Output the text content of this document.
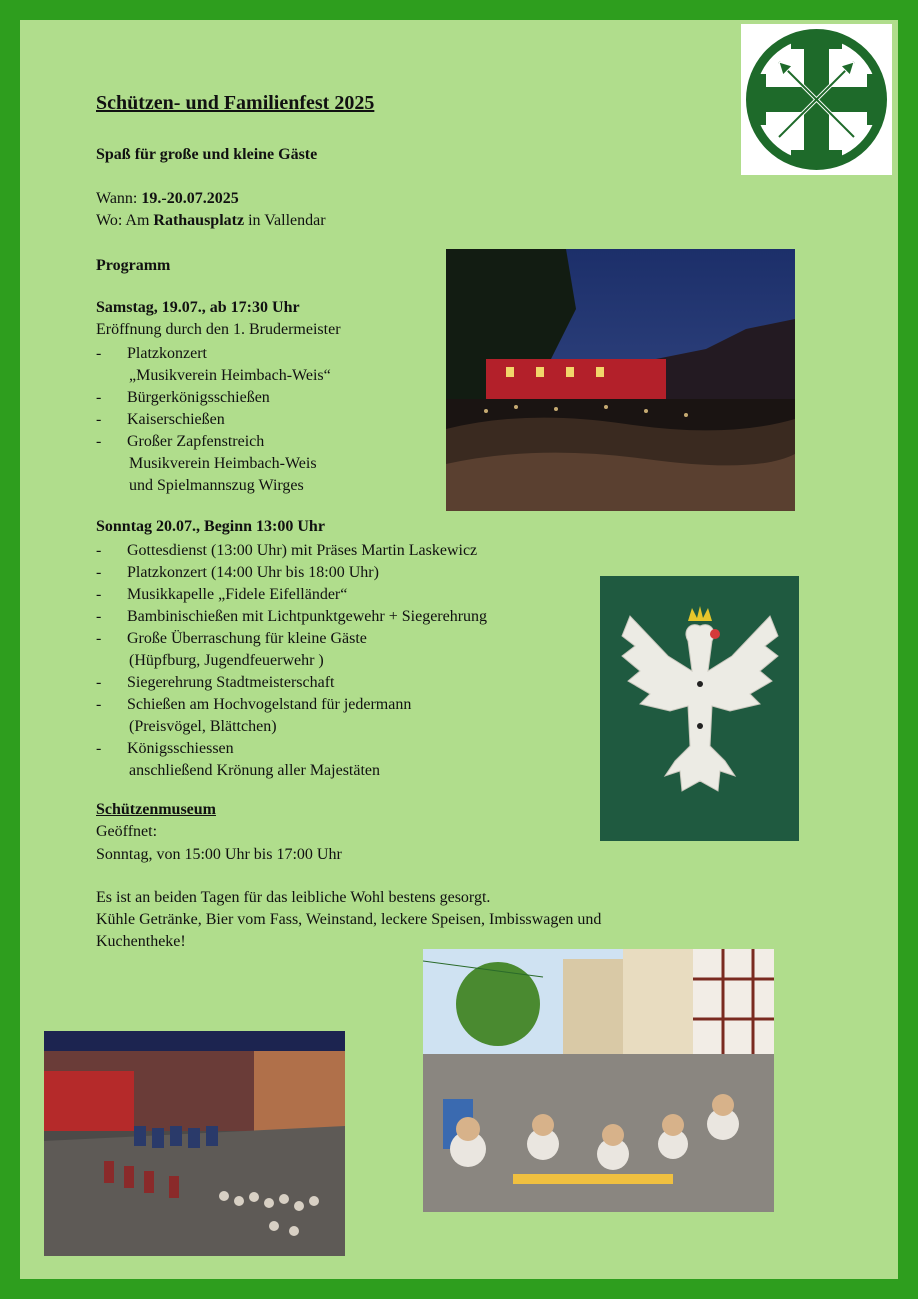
Schützen- und Familienfest 2025
Spaß für große und kleine Gäste
Wann: 19.-20.07.2025
Wo: Am Rathausplatz in Vallendar
Programm
Samstag, 19.07., ab 17:30 Uhr
Eröffnung durch den 1. Brudermeister
- Platzkonzert
„Musikverein Heimbach-Weis“
- Bürgerkönigsschießen
- Kaiserschießen
- Großer Zapfenstreich
Musikverein Heimbach-Weis
und Spielmannszug Wirges
Sonntag 20.07., Beginn 13:00 Uhr
- Gottesdienst (13:00 Uhr) mit Präses Martin Laskewicz
- Platzkonzert (14:00 Uhr bis 18:00 Uhr)
- Musikkapelle „Fidele Eifelländer“
- Bambinischießen mit Lichtpunktgewehr + Siegerehrung
- Große Überraschung für kleine Gäste
(Hüpfburg, Jugendfeuerwehr )
- Siegerehrung Stadtmeisterschaft
- Schießen am Hochvogelstand für jedermann
(Preisvögel, Blättchen)
- Königsschiessen
anschließend Krönung aller Majestäten
Schützenmuseum
Geöffnet:
Sonntag, von 15:00 Uhr bis 17:00 Uhr
Es ist an beiden Tagen für das leibliche Wohl bestens gesorgt.
Kühle Getränke, Bier vom Fass, Weinstand, leckere Speisen, Imbisswagen und
Kuchentheke!
